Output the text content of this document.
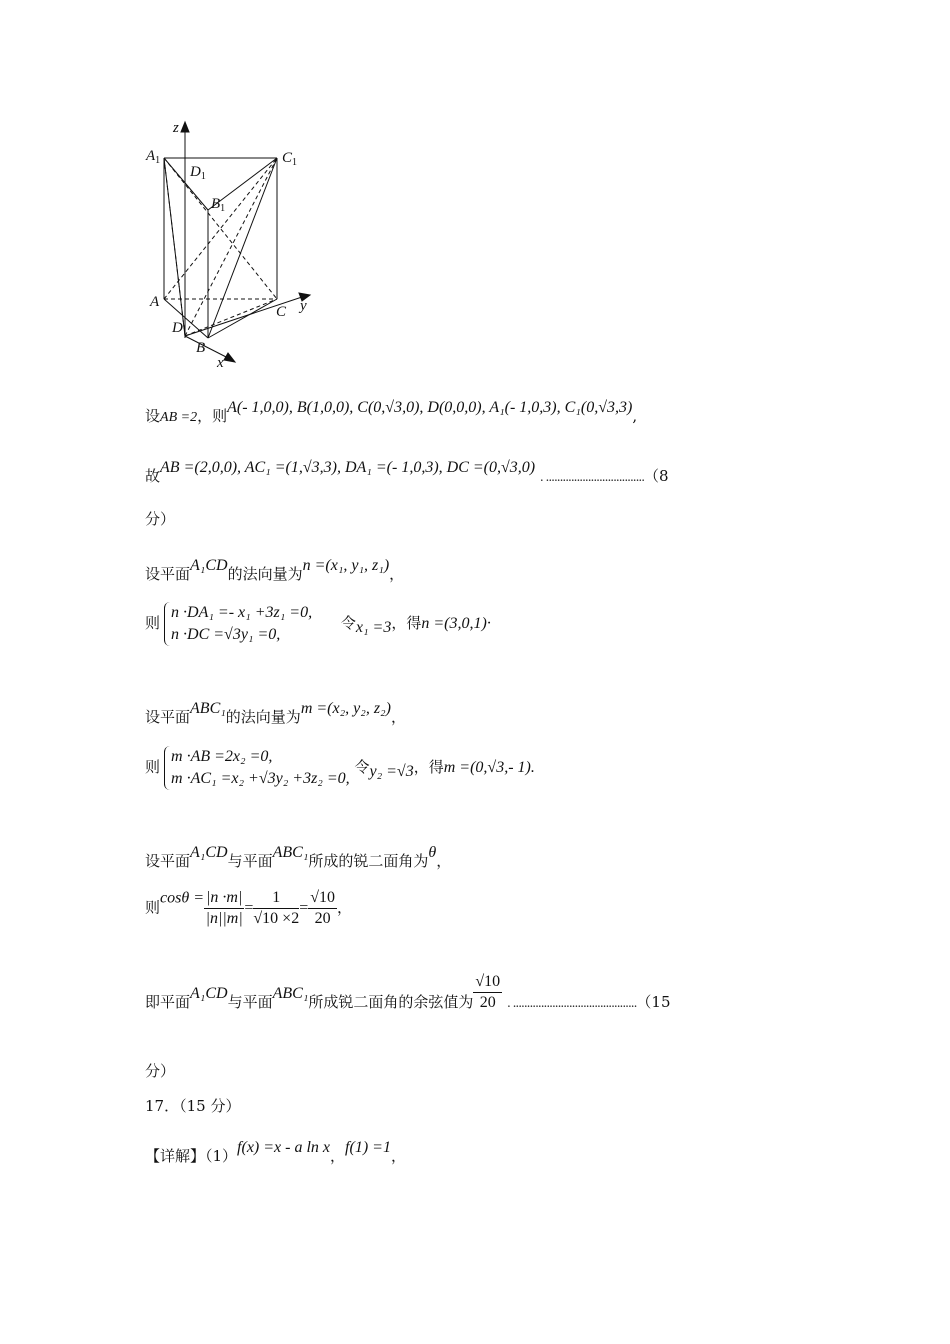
z
$A_1$	$C_1$
$D_1$
$B_1$
A
D
C y
B
x
设AB =2，则A(- 1,0,0), B(1,0,0), C(0,√3,0), D(0,0,0), A₁(- 1,0,3), C₁(0,√3,3),
故AB =(2,0,0), AC₁ =(1,√3,3), DA₁ =(- 1,0,3), DC =(0,√3,0) . ...................................（8
分）
设平面A₁CD的法向量为n =(x₁, y₁, z₁)，
则
n ·DA₁ =- x₁ +3z₁ =0,
n ·DC =√3y₁ =0,
令x₁ =3，得n =(3,0,1)·
设平面ABC₁的法向量为m =(x₂, y₂, z₂)，
则
m ·AB =2x₂ =0,
m ·AC₁ =x₂ +√3y₂ +3z₂ =0,
令y₂ =√3，得m =(0,√3,- 1).
设平面A₁CD与平面ABC₁所成的锐二面角为θ，
则$\cos\theta = \frac{|n \cdot m|}{|n||m|} = \frac{1}{√10 \times 2} = \frac{√10}{20}$ ，
即平面A₁CD与平面ABC₁所成锐二面角的余弦值为 $\frac{√10}{20}$ . ............................................（15
分）
17．（15 分）
【详解】（1）f(x) =x - a ln x，f(1) =1，
